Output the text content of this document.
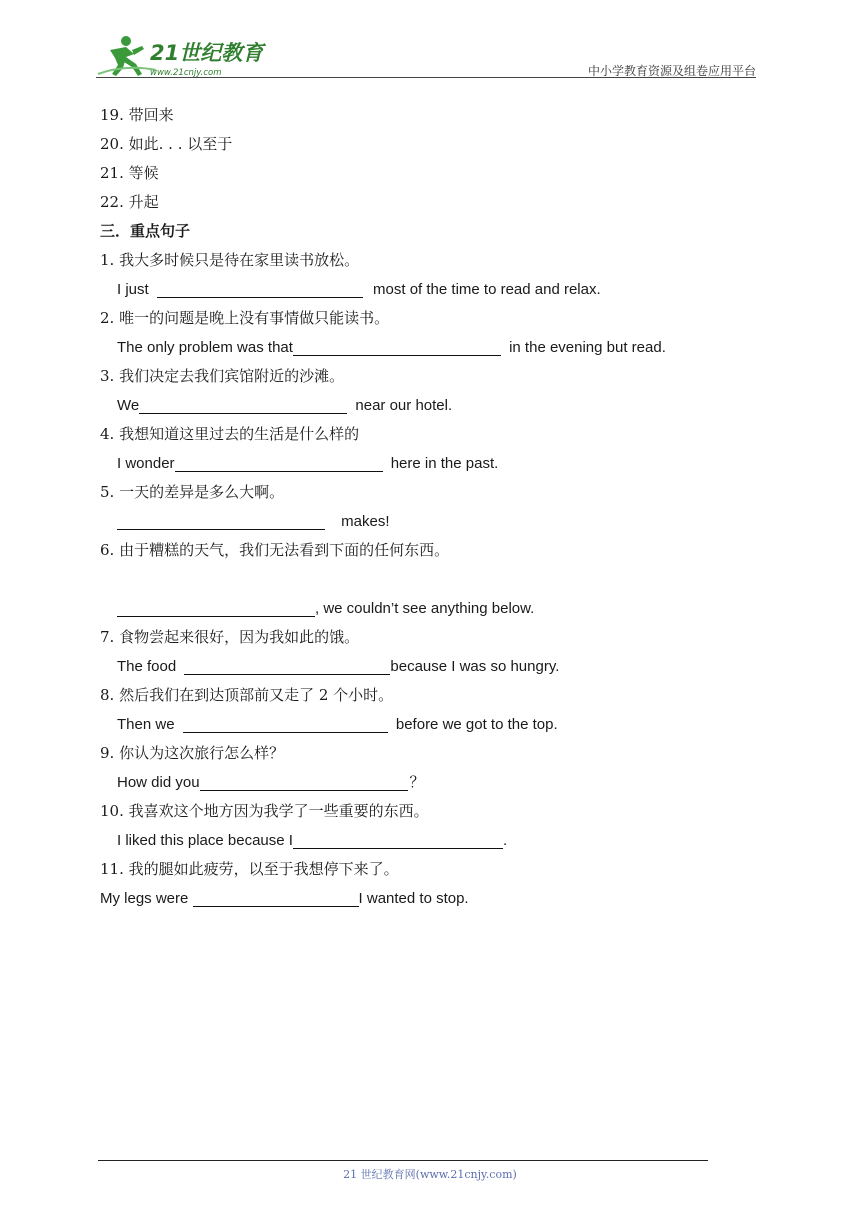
21世纪教育
www.21cnjy.com	中小学教育资源及组卷应用平台
19. 带回来
20. 如此. . . 以至于
21. 等候
22. 升起
三．重点句子
1. 我大多时候只是待在家里读书放松。
I just	most of the time to read and relax.
2. 唯一的问题是晚上没有事情做只能读书。
The only problem was that	in the evening but read.
3. 我们决定去我们宾馆附近的沙滩。
We	near our hotel.
4. 我想知道这里过去的生活是什么样的
I wonder	here in the past.
5. 一天的差异是多么大啊。
makes!
6. 由于糟糕的天气，我们无法看到下面的任何东西。
, we couldn’t see anything below.
7. 食物尝起来很好，因为我如此的饿。
The food	because I was so hungry.
8. 然后我们在到达顶部前又走了 2 个小时。
Then we	before we got to the top.
9. 你认为这次旅行怎么样？
How did you	？
10. 我喜欢这个地方因为我学了一些重要的东西。
I liked this place because I	.
11. 我的腿如此疲劳，以至于我想停下来了。
My legs were	I wanted to stop.
21 世纪教育网(www.21cnjy.com)
